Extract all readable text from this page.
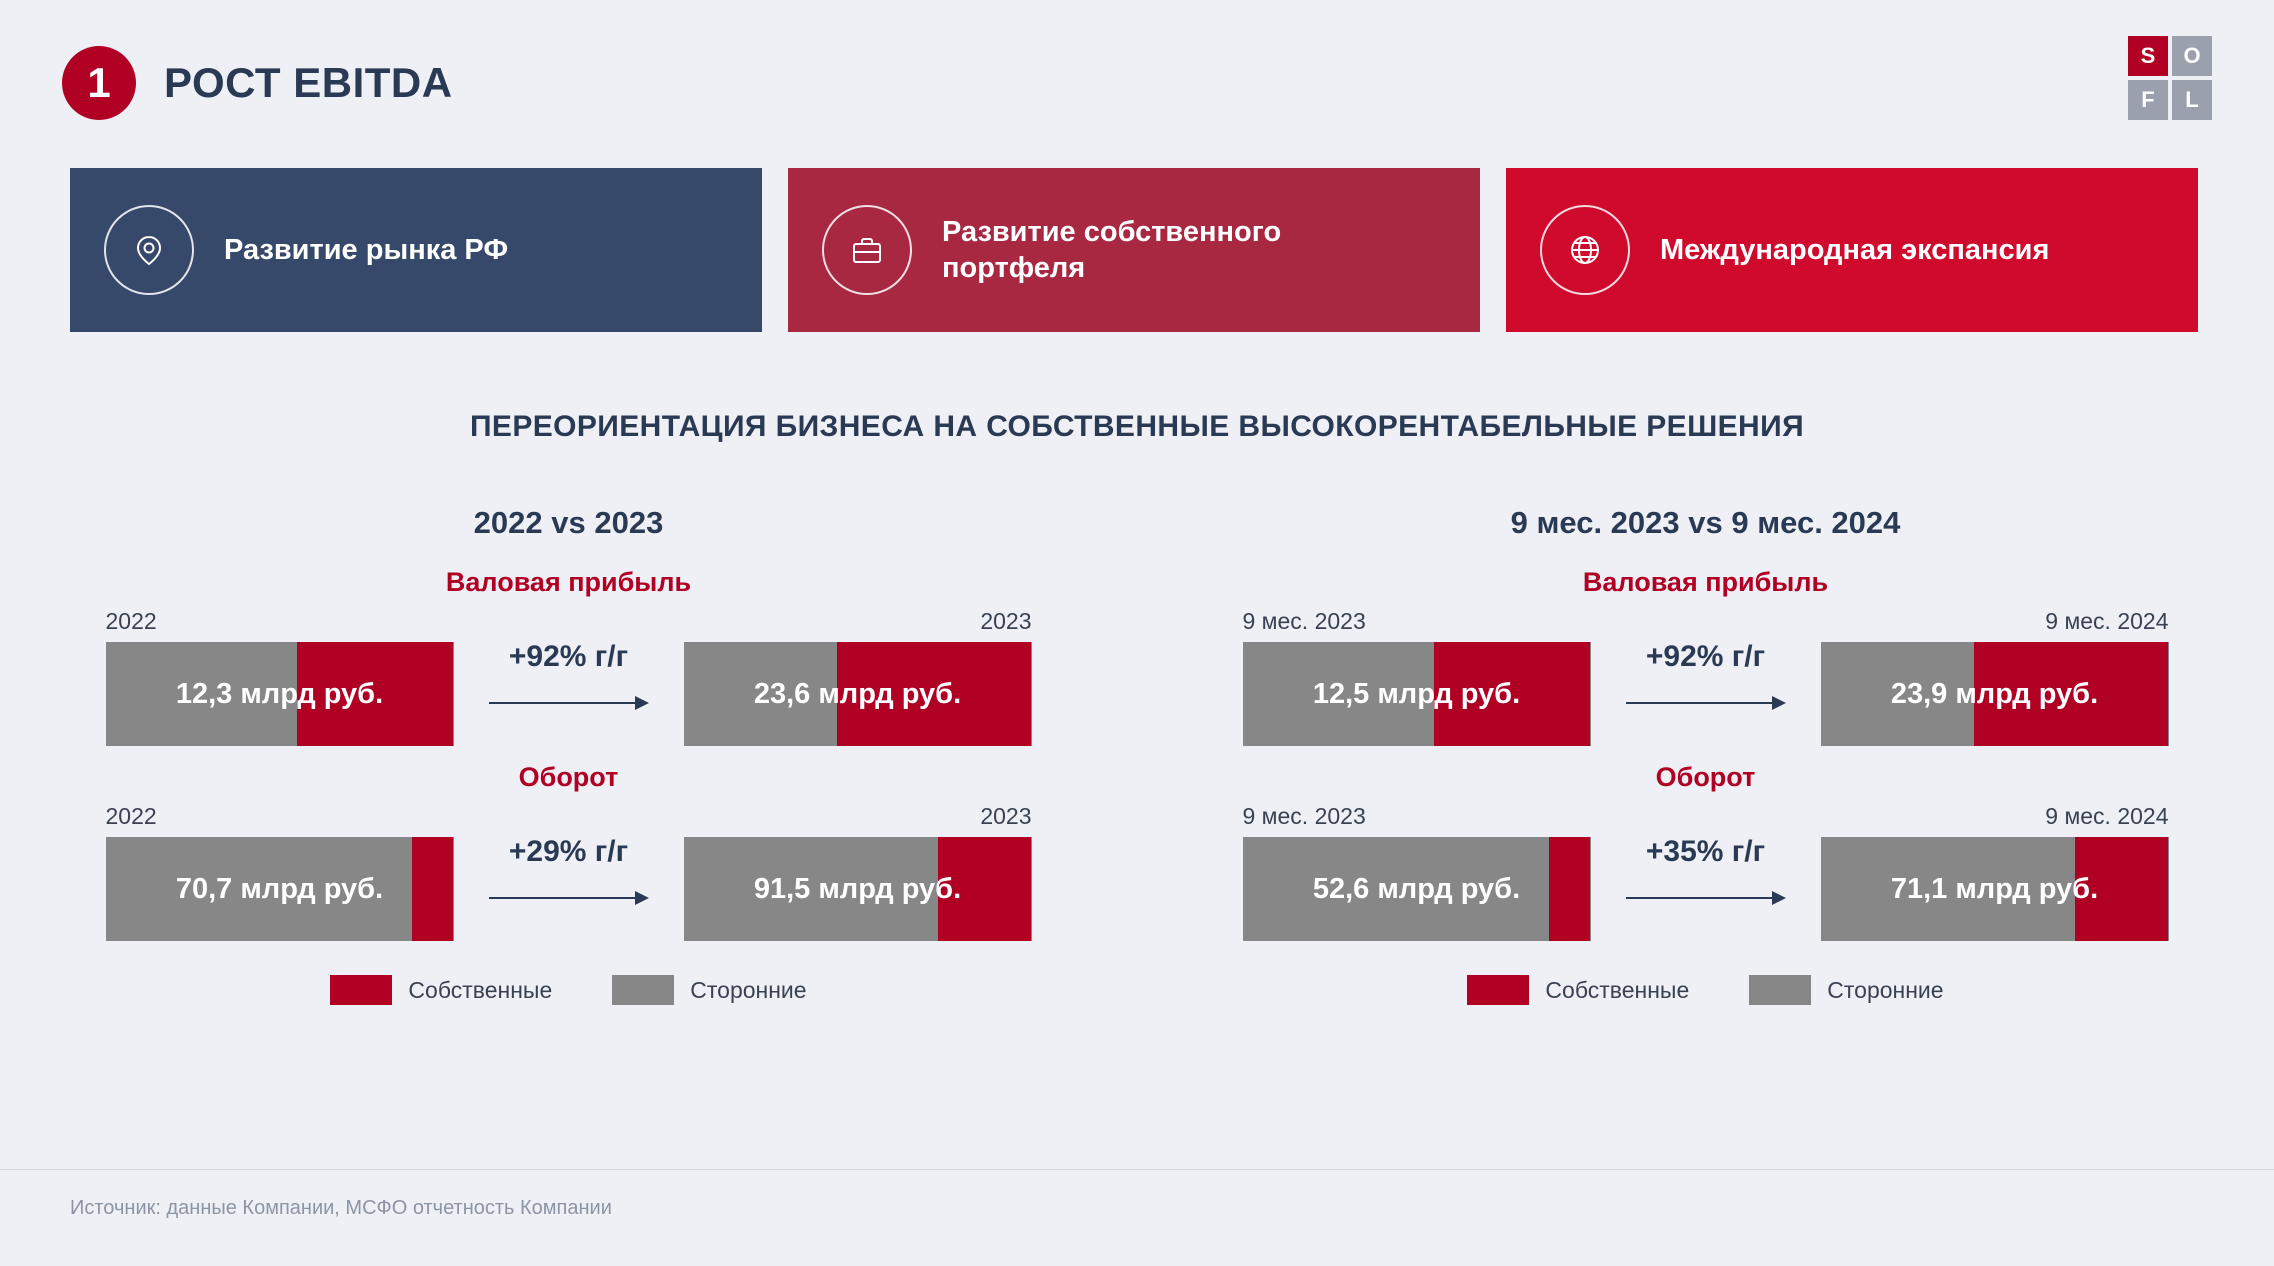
1	РОСТ EBITDA
S	O
F	L
Развитие рынка РФ
Развитие собственного портфеля
Международная экспансия
ПЕРЕОРИЕНТАЦИЯ БИЗНЕСА НА СОБСТВЕННЫЕ ВЫСОКОРЕНТАБЕЛЬНЫЕ РЕШЕНИЯ
2022 vs 2023
Валовая прибыль
2022
12,3 млрд руб.
+92% г/г
2023
23,6 млрд руб.
Оборот
2022
70,7 млрд руб.
+29% г/г
2023
91,5 млрд руб.
Собственные	Сторонние
9 мес. 2023 vs 9 мес. 2024
Валовая прибыль
9 мес. 2023
12,5 млрд руб.
+92% г/г
9 мес. 2024
23,9 млрд руб.
Оборот
9 мес. 2023
52,6 млрд руб.
+35% г/г
9 мес. 2024
71,1 млрд руб.
Собственные	Сторонние
Источник: данные Компании, МСФО отчетность Компании
